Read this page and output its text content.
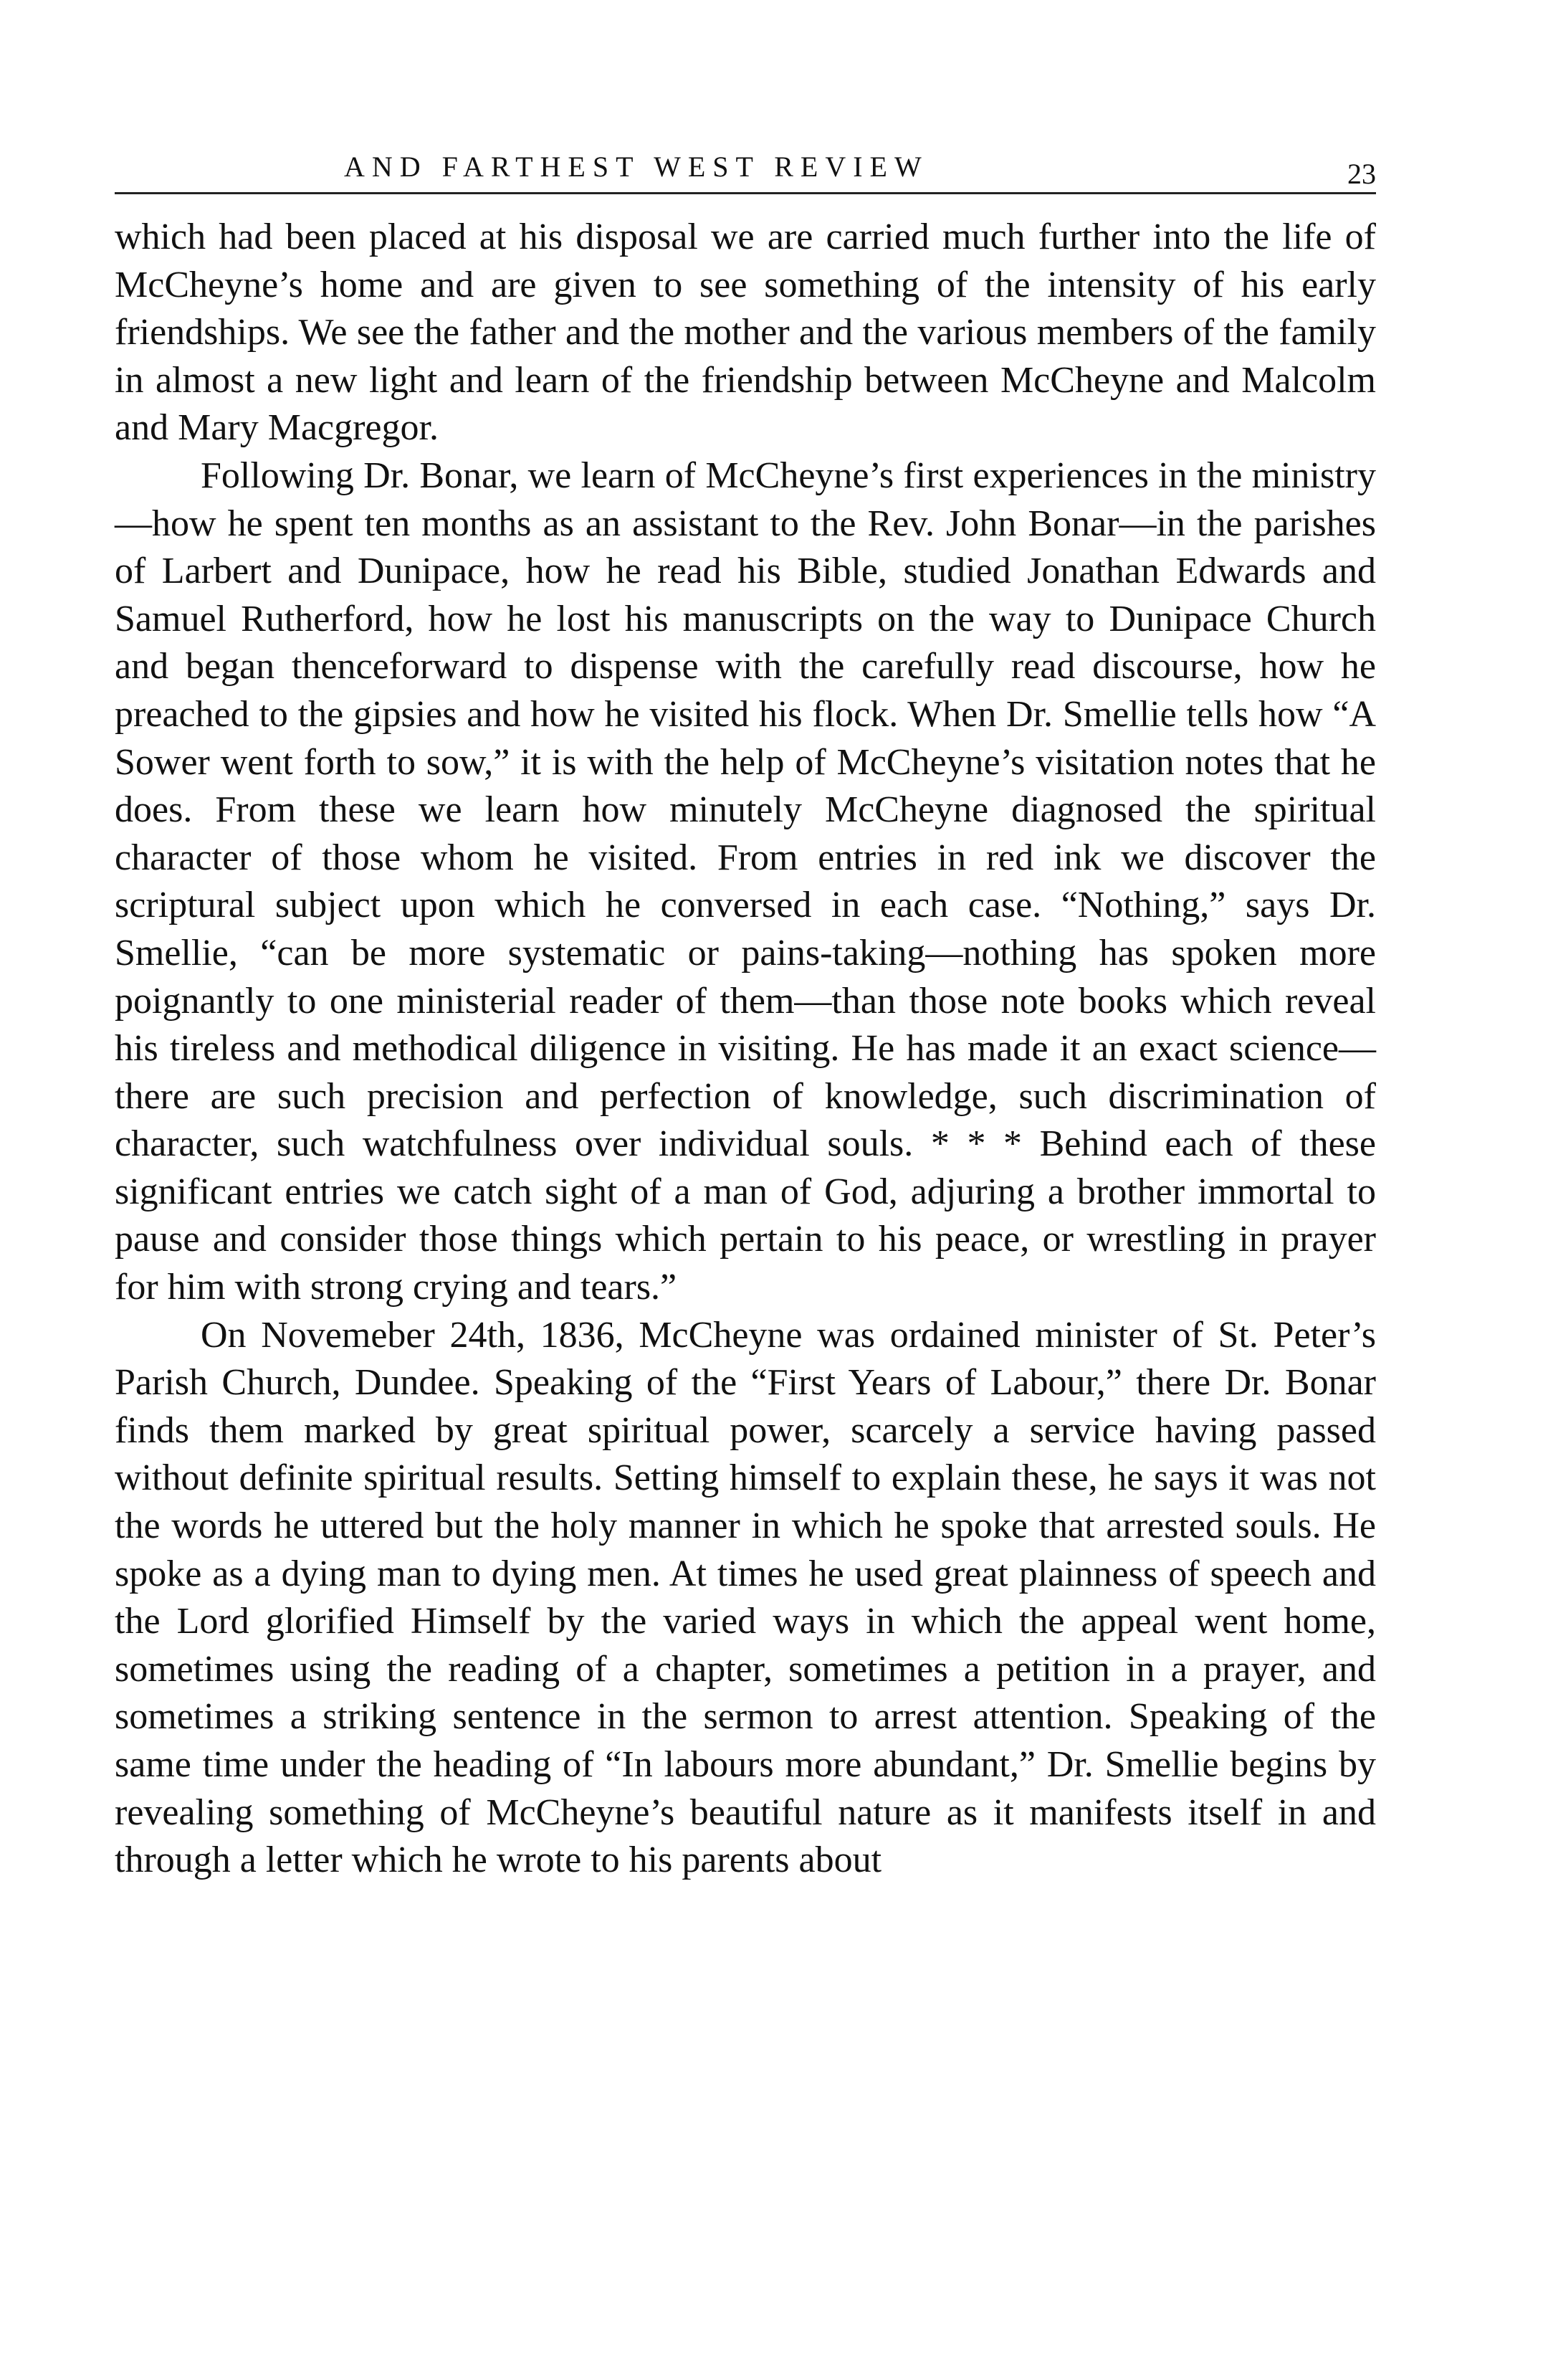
AND FARTHEST WEST REVIEW	23

which had been placed at his disposal we are carried much further into the life of McCheyne’s home and are given to see something of the intensity of his early friendships. We see the father and the mother and the various members of the family in almost a new light and learn of the friendship between McCheyne and Malcolm and Mary Macgregor.

Following Dr. Bonar, we learn of McCheyne’s first experiences in the ministry—how he spent ten months as an assistant to the Rev. John Bonar—in the parishes of Larbert and Dunipace, how he read his Bible, studied Jonathan Edwards and Samuel Rutherford, how he lost his manuscripts on the way to Dunipace Church and began thenceforward to dispense with the carefully read discourse, how he preached to the gipsies and how he visited his flock. When Dr. Smellie tells how “A Sower went forth to sow,” it is with the help of McCheyne’s visitation notes that he does. From these we learn how minutely McCheyne diagnosed the spiritual character of those whom he visited. From entries in red ink we discover the scriptural subject upon which he conversed in each case. “Nothing,” says Dr. Smellie, “can be more systematic or pains-taking—nothing has spoken more poignantly to one ministerial reader of them—than those note books which reveal his tireless and methodical diligence in visiting. He has made it an exact science—there are such precision and perfection of knowledge, such discrimination of character, such watchfulness over individual souls. * * * Behind each of these significant entries we catch sight of a man of God, adjuring a brother immortal to pause and consider those things which pertain to his peace, or wrestling in prayer for him with strong crying and tears.”

On Novemeber 24th, 1836, McCheyne was ordained minister of St. Peter’s Parish Church, Dundee. Speaking of the “First Years of Labour,” there Dr. Bonar finds them marked by great spiritual power, scarcely a service having passed without definite spiritual results. Setting himself to explain these, he says it was not the words he uttered but the holy manner in which he spoke that arrested souls. He spoke as a dying man to dying men. At times he used great plainness of speech and the Lord glorified Himself by the varied ways in which the appeal went home, sometimes using the reading of a chapter, sometimes a petition in a prayer, and sometimes a striking sentence in the sermon to arrest attention. Speaking of the same time under the heading of “In labours more abundant,” Dr. Smellie begins by revealing something of McCheyne’s beautiful nature as it manifests itself in and through a letter which he wrote to his parents about
